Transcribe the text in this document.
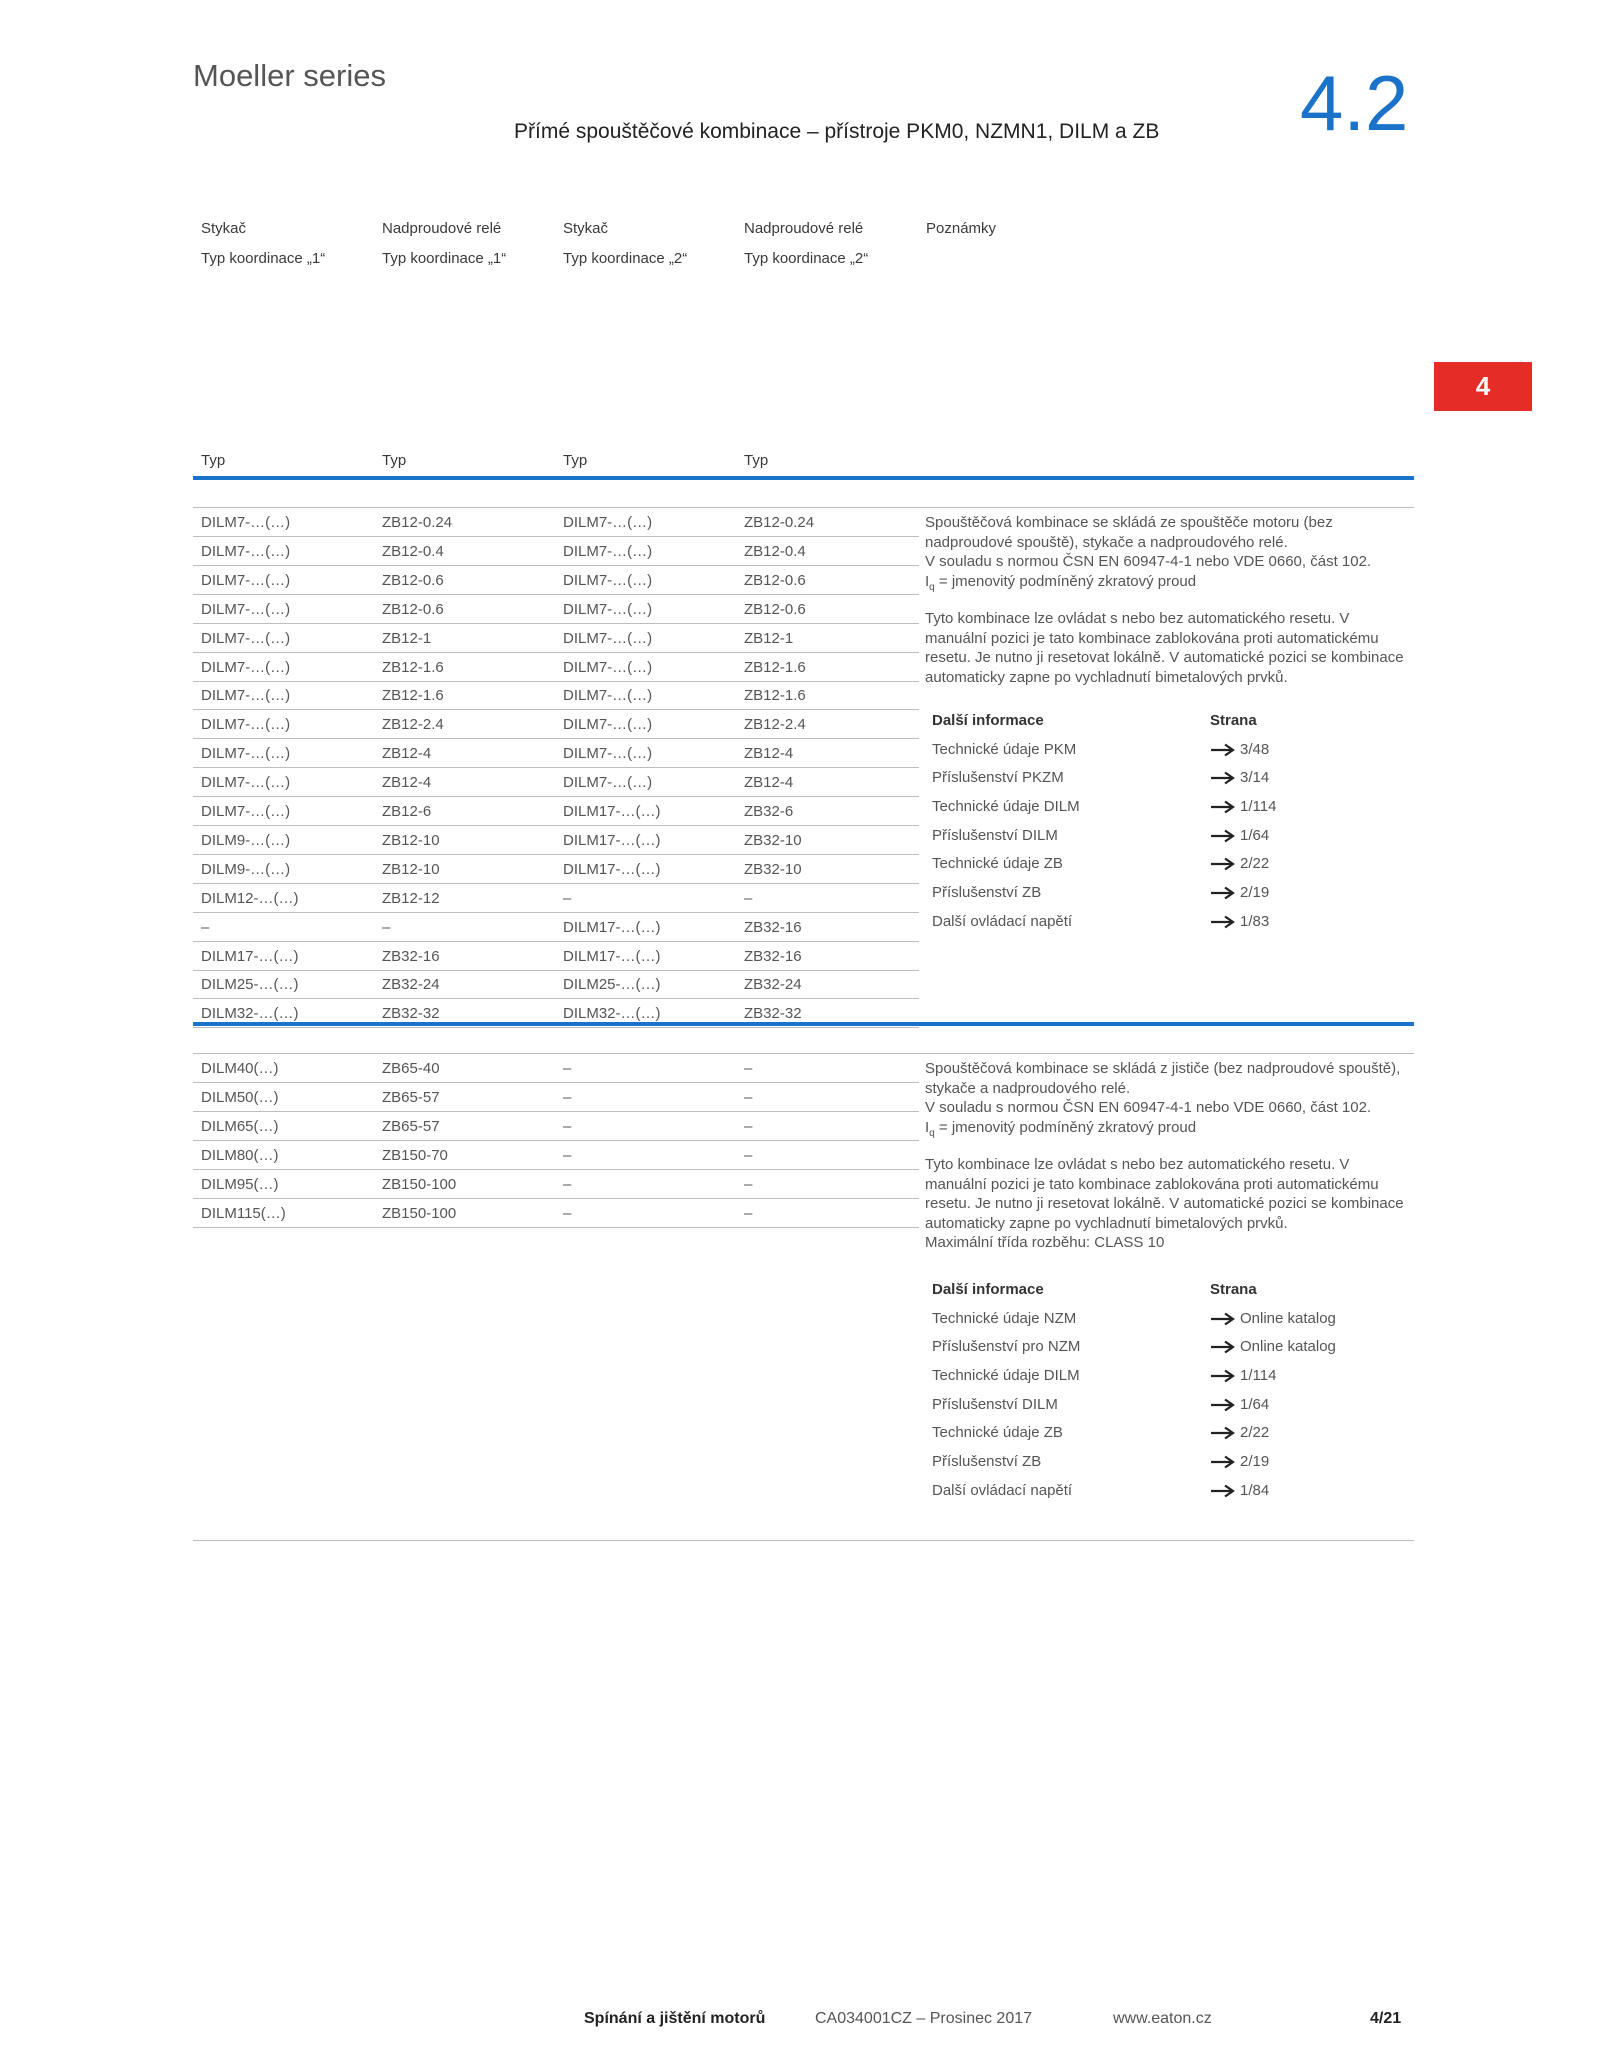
Moeller series
Přímé spouštěčové kombinace – přístroje PKM0, NZMN1, DILM a ZB 4.2
4
Stykač	Nadproudové relé	Stykač	Nadproudové relé	Poznámky
Typ koordinace „1“	Typ koordinace „1“	Typ koordinace „2“	Typ koordinace „2“
Typ	Typ	Typ	Typ
DILM7-…(…)	ZB12-0.24	DILM7-…(…)	ZB12-0.24
DILM7-…(…)	ZB12-0.4	DILM7-…(…)	ZB12-0.4
DILM7-…(…)	ZB12-0.6	DILM7-…(…)	ZB12-0.6
DILM7-…(…)	ZB12-0.6	DILM7-…(…)	ZB12-0.6
DILM7-…(…)	ZB12-1	DILM7-…(…)	ZB12-1
DILM7-…(…)	ZB12-1.6	DILM7-…(…)	ZB12-1.6
DILM7-…(…)	ZB12-1.6	DILM7-…(…)	ZB12-1.6
DILM7-…(…)	ZB12-2.4	DILM7-…(…)	ZB12-2.4
DILM7-…(…)	ZB12-4	DILM7-…(…)	ZB12-4
DILM7-…(…)	ZB12-4	DILM7-…(…)	ZB12-4
DILM7-…(…)	ZB12-6	DILM17-…(…)	ZB32-6
DILM9-…(…)	ZB12-10	DILM17-…(…)	ZB32-10
DILM9-…(…)	ZB12-10	DILM17-…(…)	ZB32-10
DILM12-…(…)	ZB12-12	–	–
–	–	DILM17-…(…)	ZB32-16
DILM17-…(…)	ZB32-16	DILM17-…(…)	ZB32-16
DILM25-…(…)	ZB32-24	DILM25-…(…)	ZB32-24
DILM32-…(…)	ZB32-32	DILM32-…(…)	ZB32-32
DILM40(…)	ZB65-40	–	–
DILM50(…)	ZB65-57	–	–
DILM65(…)	ZB65-57	–	–
DILM80(…)	ZB150-70	–	–
DILM95(…)	ZB150-100	–	–
DILM115(…)	ZB150-100	–	–

Spouštěčová kombinace se skládá ze spouštěče motoru (bez nadproudové spouště), stykače a nadproudového relé.

V souladu s normou ČSN EN 60947-4-1 nebo VDE 0660, část 102.

$I_q$ = jmenovitý podmíněný zkratový proud

Tyto kombinace lze ovládat s nebo bez automatického resetu. V manuální pozici je tato kombinace zablokována proti automatickému resetu. Je nutno ji resetovat lokálně. V automatické pozici se kombinace automaticky zapne po vychladnutí bimetalových prvků.

Další informace	Strana
Technické údaje PKM	3/48
Příslušenství PKZM	3/14
Technické údaje DILM	1/114
Příslušenství DILM	1/64
Technické údaje ZB	2/22
Příslušenství ZB	2/19
Další ovládací napětí	1/83

Spouštěčová kombinace se skládá z jističe (bez nadproudové spouště), stykače a nadproudového relé.

V souladu s normou ČSN EN 60947-4-1 nebo VDE 0660, část 102.

$I_q$ = jmenovitý podmíněný zkratový proud

Tyto kombinace lze ovládat s nebo bez automatického resetu. V manuální pozici je tato kombinace zablokována proti automatickému resetu. Je nutno ji resetovat lokálně. V automatické pozici se kombinace automaticky zapne po vychladnutí bimetalových prvků.

Maximální třída rozběhu: CLASS 10

Další informace	Strana
Technické údaje NZM	Online katalog
Příslušenství pro NZM	Online katalog
Technické údaje DILM	1/114
Příslušenství DILM	1/64
Technické údaje ZB	2/22
Příslušenství ZB	2/19
Další ovládací napětí	1/84
Spínání a jištění motorů	CA034001CZ – Prosinec 2017	www.eaton.cz	4/21
